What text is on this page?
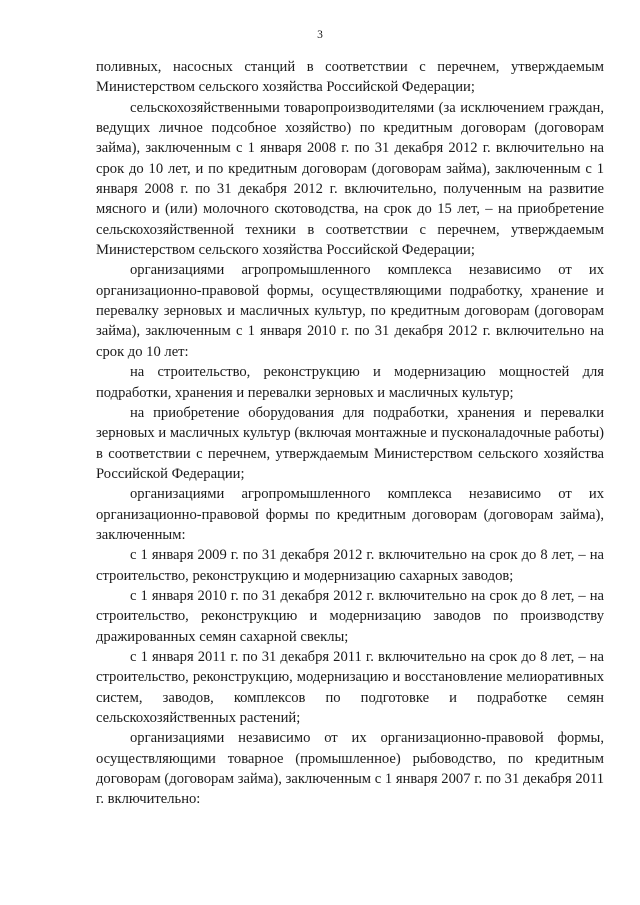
3

поливных, насосных станций в соответствии с перечнем, утверждаемым Министерством сельского хозяйства Российской Федерации;

сельскохозяйственными товаропроизводителями (за исключением граждан, ведущих личное подсобное хозяйство) по кредитным договорам (договорам займа), заключенным с 1 января 2008 г. по 31 декабря 2012 г. включительно на срок до 10 лет, и по кредитным договорам (договорам займа), заключенным с 1 января 2008 г. по 31 декабря 2012 г. включительно, полученным на развитие мясного и (или) молочного скотоводства, на срок до 15 лет, – на приобретение сельскохозяйственной техники в соответствии с перечнем, утверждаемым Министерством сельского хозяйства Российской Федерации;

организациями агропромышленного комплекса независимо от их организационно-правовой формы, осуществляющими подработку, хранение и перевалку зерновых и масличных культур, по кредитным договорам (договорам займа), заключенным с 1 января 2010 г. по 31 декабря 2012 г. включительно на срок до 10 лет:

на строительство, реконструкцию и модернизацию мощностей для подработки, хранения и перевалки зерновых и масличных культур;

на приобретение оборудования для подработки, хранения и перевалки зерновых и масличных культур (включая монтажные и пусконаладочные работы) в соответствии с перечнем, утверждаемым Министерством сельского хозяйства Российской Федерации;

организациями агропромышленного комплекса независимо от их организационно-правовой формы по кредитным договорам (договорам займа), заключенным:

с 1 января 2009 г. по 31 декабря 2012 г. включительно на срок до 8 лет, – на строительство, реконструкцию и модернизацию сахарных заводов;

с 1 января 2010 г. по 31 декабря 2012 г. включительно на срок до 8 лет, – на строительство, реконструкцию и модернизацию заводов по производству дражированных семян сахарной свеклы;

с 1 января 2011 г. по 31 декабря 2011 г. включительно на срок до 8 лет, – на строительство, реконструкцию, модернизацию и восстановление мелиоративных систем, заводов, комплексов по подготовке и подработке семян сельскохозяйственных растений;

организациями независимо от их организационно-правовой формы, осуществляющими товарное (промышленное) рыбоводство, по кредитным договорам (договорам займа), заключенным с 1 января 2007 г. по 31 декабря 2011 г. включительно:
